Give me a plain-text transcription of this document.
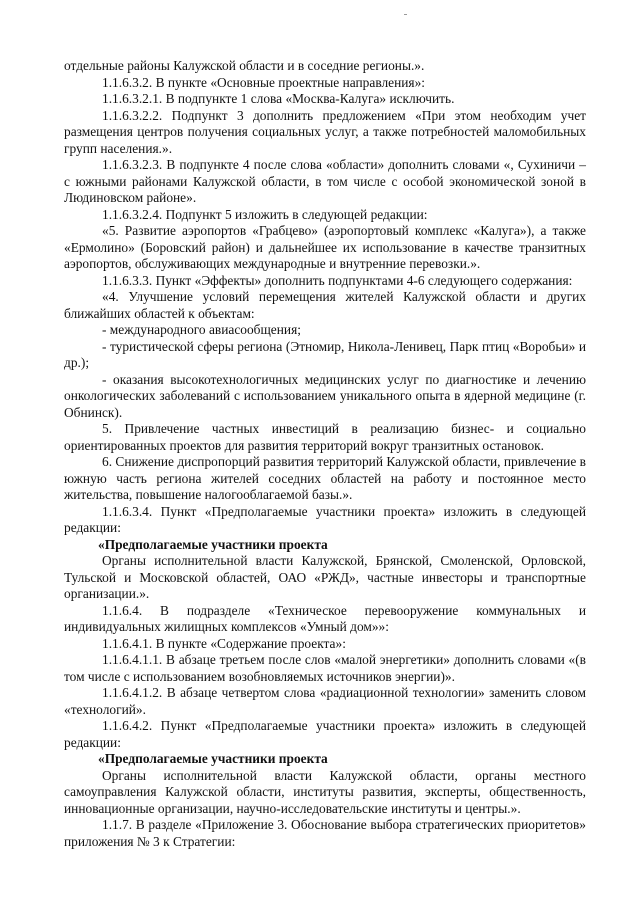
отдельные районы Калужской области и в соседние регионы.».

1.1.6.3.2. В пункте «Основные проектные направления»:

1.1.6.3.2.1. В подпункте 1 слова «Москва-Калуга» исключить.

1.1.6.3.2.2. Подпункт 3 дополнить предложением «При этом необходим учет размещения центров получения социальных услуг, а также потребностей маломобильных групп населения.».

1.1.6.3.2.3. В подпункте 4 после слова «области» дополнить словами «, Сухиничи – с южными районами Калужской области, в том числе с особой экономической зоной в Людиновском районе».

1.1.6.3.2.4. Подпункт 5 изложить в следующей редакции:

«5. Развитие аэропортов «Грабцево» (аэропортовый комплекс «Калуга»), а также «Ермолино» (Боровский район) и дальнейшее их использование в качестве транзитных аэропортов, обслуживающих международные и внутренние перевозки.».

1.1.6.3.3. Пункт «Эффекты» дополнить подпунктами 4-6 следующего содержания:

«4. Улучшение условий перемещения жителей Калужской области и других ближайших областей к объектам:

- международного авиасообщения;

- туристической сферы региона (Этномир, Никола-Ленивец, Парк птиц «Воробьи» и др.);

- оказания высокотехнологичных медицинских услуг по диагностике и лечению онкологических заболеваний с использованием уникального опыта в ядерной медицине (г. Обнинск).

5. Привлечение частных инвестиций в реализацию бизнес- и социально ориентированных проектов для развития территорий вокруг транзитных остановок.

6. Снижение диспропорций развития территорий Калужской области, привлечение в южную часть региона жителей соседних областей на работу и постоянное место жительства, повышение налогооблагаемой базы.».

1.1.6.3.4. Пункт «Предполагаемые участники проекта» изложить в следующей редакции:

«Предполагаемые участники проекта

Органы исполнительной власти Калужской, Брянской, Смоленской, Орловской, Тульской и Московской областей, ОАО «РЖД», частные инвесторы и транспортные организации.».

1.1.6.4. В подразделе «Техническое перевооружение коммунальных и индивидуальных жилищных комплексов «Умный дом»»:

1.1.6.4.1. В пункте «Содержание проекта»:

1.1.6.4.1.1. В абзаце третьем после слов «малой энергетики» дополнить словами «(в том числе с использованием возобновляемых источников энергии)».

1.1.6.4.1.2. В абзаце четвертом слова «радиационной технологии» заменить словом «технологий».

1.1.6.4.2. Пункт «Предполагаемые участники проекта» изложить в следующей редакции:

«Предполагаемые участники проекта

Органы исполнительной власти Калужской области, органы местного самоуправления Калужской области, институты развития, эксперты, общественность, инновационные организации, научно-исследовательские институты и центры.».

1.1.7. В разделе «Приложение 3. Обоснование выбора стратегических приоритетов» приложения № 3 к Стратегии:
